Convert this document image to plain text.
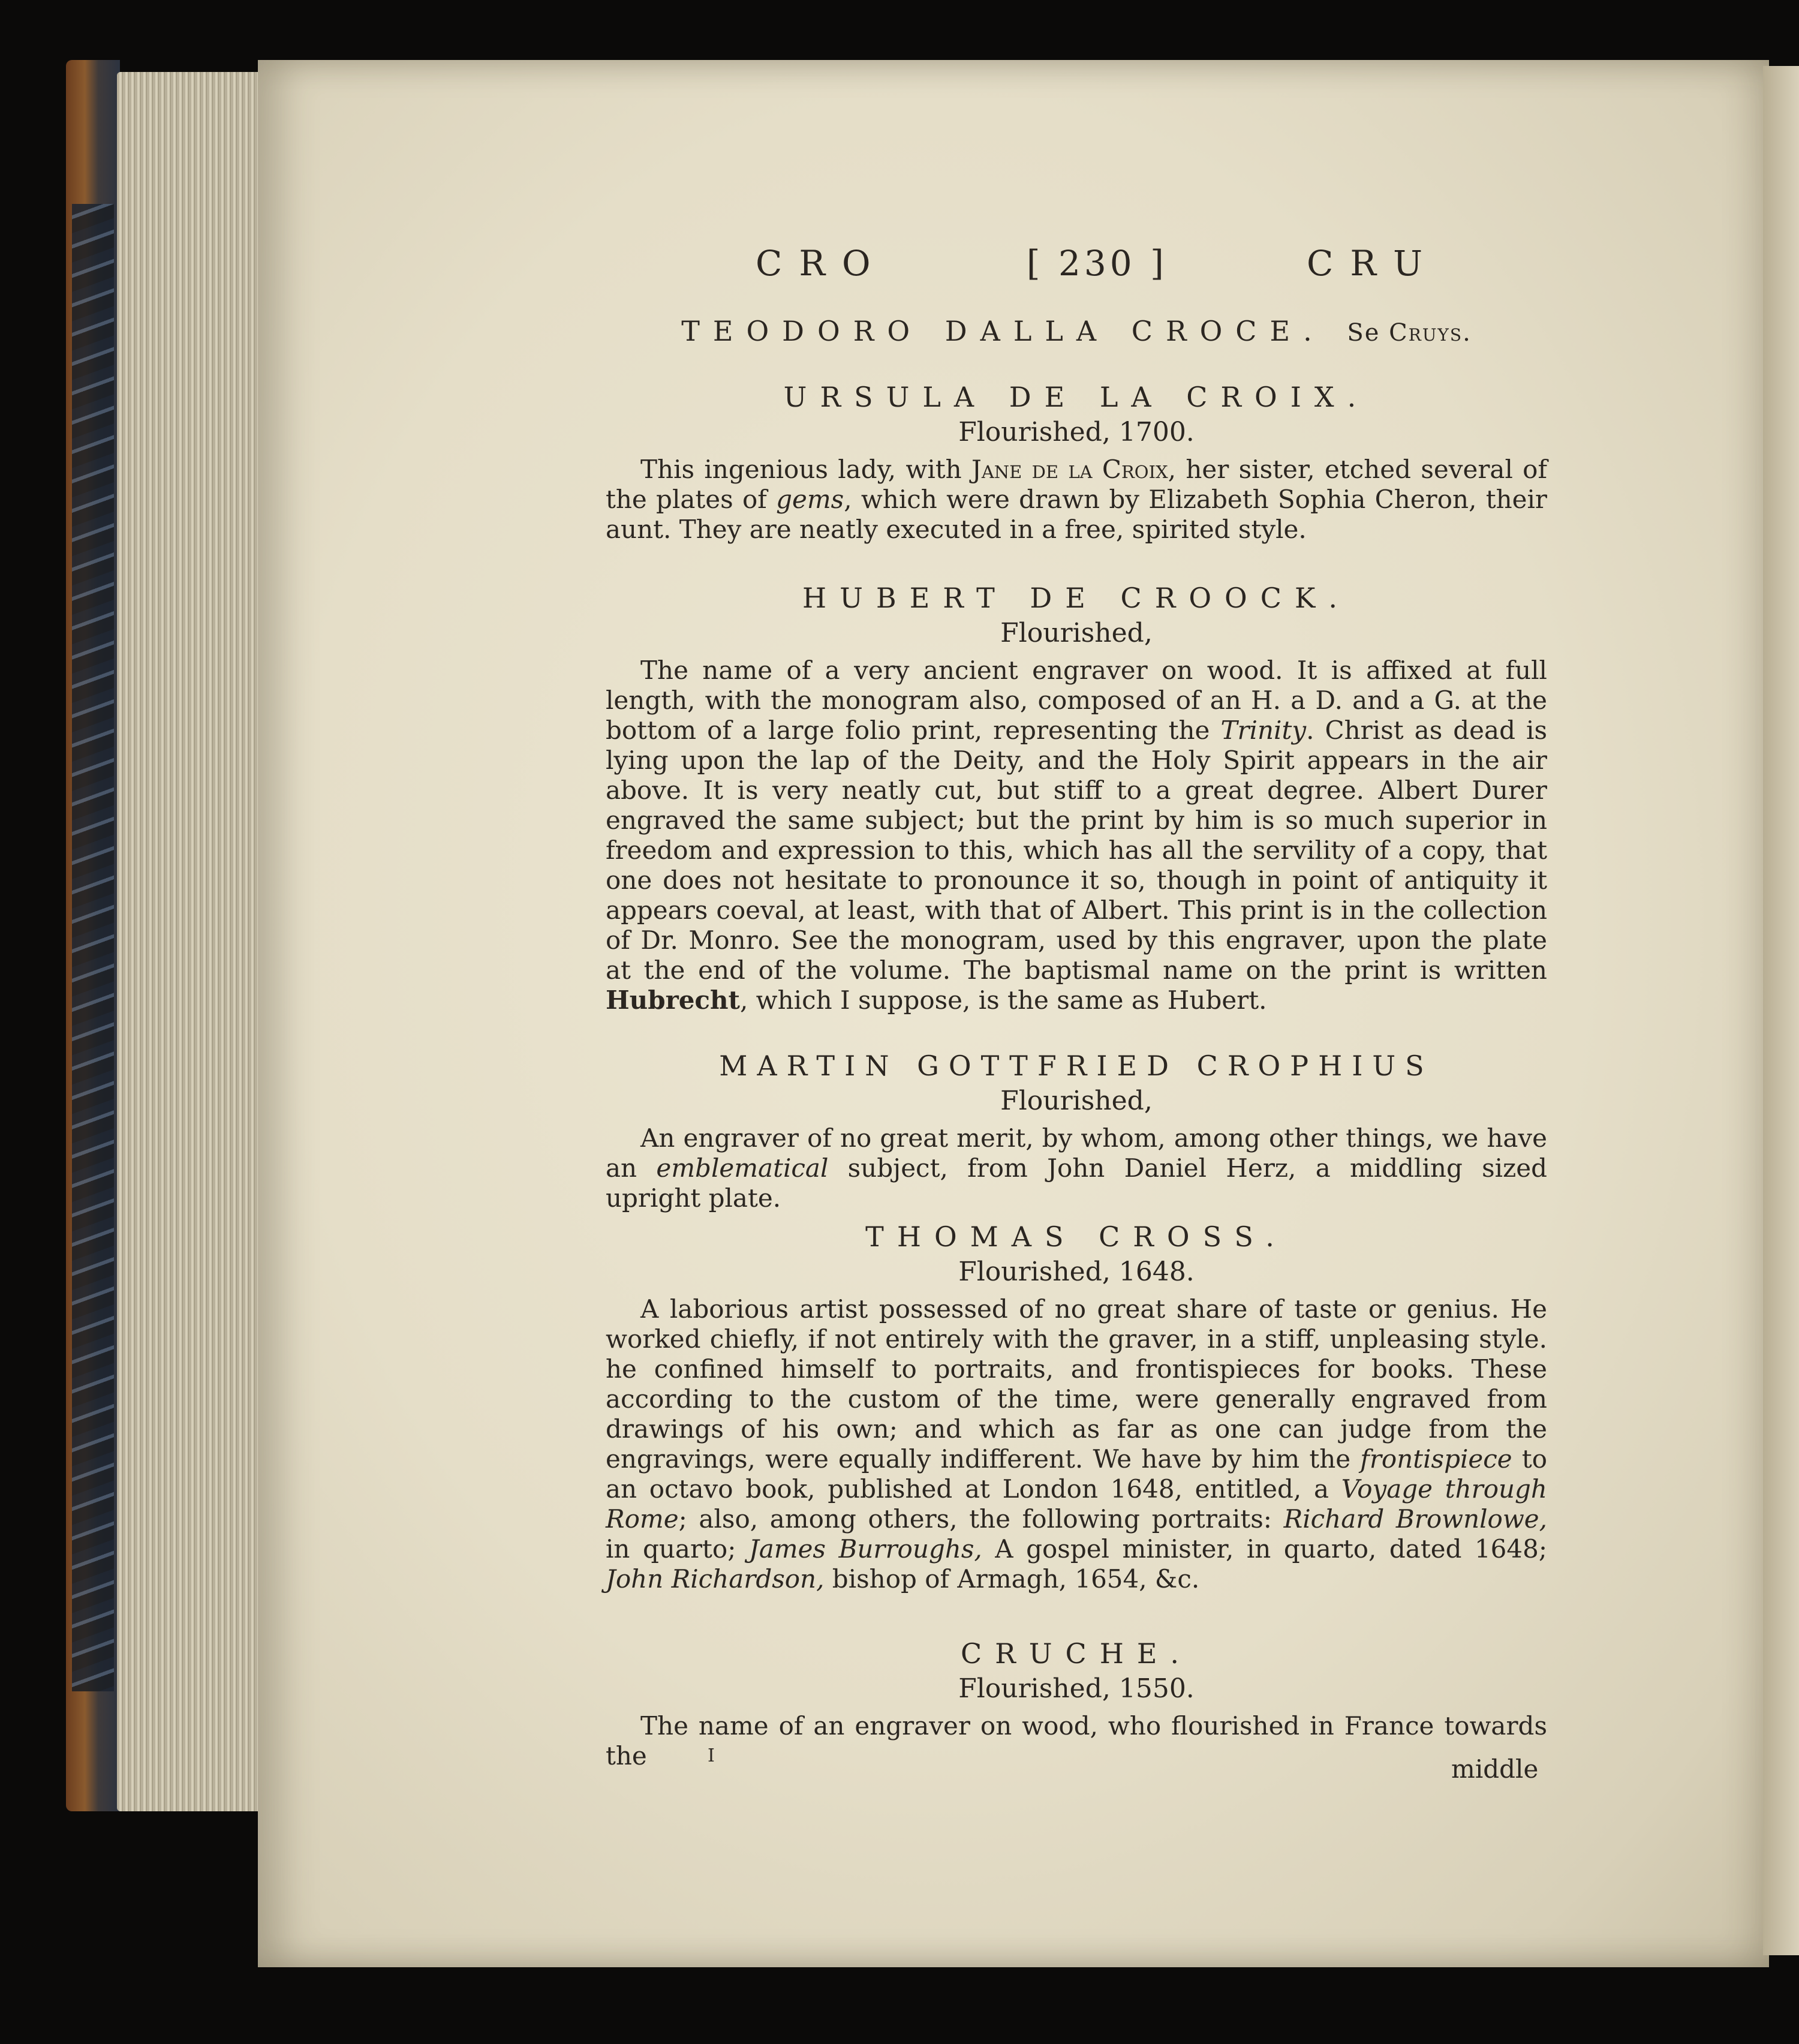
CRO	[ 230 ]	CRU
TEODORO DALLA CROCE. Se Cruys.
URSULA DE LA CROIX.

Flourished, 1700.

This ingenious lady, with Jane de la Croix, her sister, etched several of the plates of gems, which were drawn by Elizabeth Sophia Cheron, their aunt. They are neatly executed in a free, spirited style.

HUBERT DE CROOCK.

Flourished,

The name of a very ancient engraver on wood. It is affixed at full length, with the monogram also, composed of an H. a D. and a G. at the bottom of a large folio print, representing the Trinity. Christ as dead is lying upon the lap of the Deity, and the Holy Spirit appears in the air above. It is very neatly cut, but stiff to a great degree. Albert Durer engraved the same subject; but the print by him is so much superior in freedom and expression to this, which has all the servility of a copy, that one does not hesitate to pronounce it so, though in point of antiquity it appears coeval, at least, with that of Albert. This print is in the collection of Dr. Monro. See the monogram, used by this engraver, upon the plate at the end of the volume. The baptismal name on the print is written Hubrecht, which I suppose, is the same as Hubert.

MARTIN GOTTFRIED CROPHIUS

Flourished,

An engraver of no great merit, by whom, among other things, we have an emblematical subject, from John Daniel Herz, a middling sized upright plate.

THOMAS CROSS.

Flourished, 1648.

A laborious artist possessed of no great share of taste or genius. He worked chiefly, if not entirely with the graver, in a stiff, unpleasing style. he confined himself to portraits, and frontispieces for books. These according to the custom of the time, were generally engraved from drawings of his own; and which as far as one can judge from the engravings, were equally indifferent. We have by him the frontispiece to an octavo book, published at London 1648, entitled, a Voyage through Rome; also, among others, the following portraits: Richard Brownlowe, in quarto; James Burroughs, A gospel minister, in quarto, dated 1648; John Richardson, bishop of Armagh, 1654, &c.

CRUCHE.

Flourished, 1550.

The name of an engraver on wood, who flourished in France towards the	I	middle
